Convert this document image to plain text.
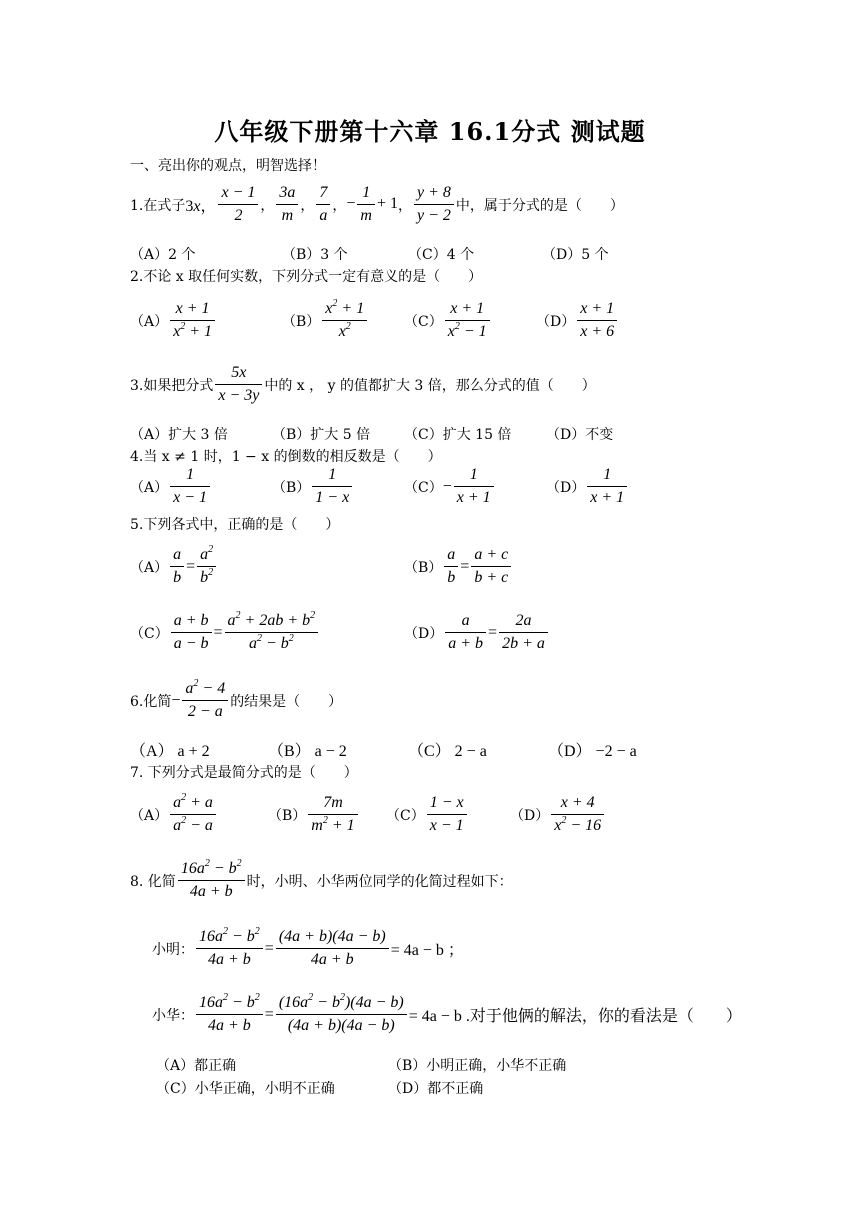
八年级下册第十六章 16.1分式 测试题
一、亮出你的观点，明智选择！
1.在式子 3x， $\frac{x - 1}{2}$ ， $\frac{3a}{m}$ ， $\frac{7}{a}$ ， − $\frac{1}{m} + 1$ ， $\frac{y + 8}{y - 2}$ 中，属于分式的是（　　）
（A）2 个	（B）3 个	（C）4 个	（D）5 个
2.不论 x 取任何实数，下列分式一定有意义的是（　　）
$(A) \frac{x + 1}{x^2 + 1}$	$(B) \frac{x^2 + 1}{x^2}$	$(C) \frac{x + 1}{x^2 - 1}$	$(D) \frac{x + 1}{x + 6}$
3.如果把分式 $\frac{5x}{x - 3y}$ 中的 x ， y 的值都扩大 3 倍，那么分式的值（　　）
（A）扩大 3 倍	（B）扩大 5 倍 （C）扩大 15 倍 （D）不变
4.当 x ≠ 1 时，1 − x 的倒数的相反数是（　　）
$(A) \frac{1}{x - 1}$	$(B) \frac{1}{1 - x}$	$(C) - \frac{1}{x + 1}$	$(D) \frac{1}{x + 1}$
5.下列各式中，正确的是（　　）
$(A) \frac{a}{b} = \frac{a^2}{b^2}$	$(B) \frac{a}{b} = \frac{a + c}{b + c}$
$(C) \frac{a + b}{a - b} = \frac{a^2 + 2ab + b^2}{a^2 - b^2}$	$(D) \frac{a}{a + b} = \frac{2a}{2b + a}$
6.化简 − $\frac{a^2 - 4}{2 - a}$ 的结果是（　　）
（A） a + 2	（B） a − 2	（C） 2 − a	（D） −2 − a
7. 下列分式是最简分式的是（　　）
$(A) \frac{a^2 + a}{a^2 - a}$	$(B) \frac{7m}{m^2 + 1} (C) \frac{1 - x}{x - 1}$	$(D) \frac{x + 4}{x^2 - 16}$
8. 化简 $\frac{16a^2 - b^2}{4a + b}$ 时，小明、小华两位同学的化简过程如下：
小明： $\frac{16a^2 - b^2}{4a + b} = \frac{(4a + b)(4a - b)}{4a + b} = 4a - b$ ；
小华： $\frac{16a^2 - b^2}{4a + b} = \frac{(16a^2 - b^2)(4a - b)}{(4a + b)(4a - b)} = 4a - b$ .对于他俩的解法，你的看法是（　　）
（A）都正确	（B）小明正确，小华不正确
（C）小华正确，小明不正确	（D）都不正确
